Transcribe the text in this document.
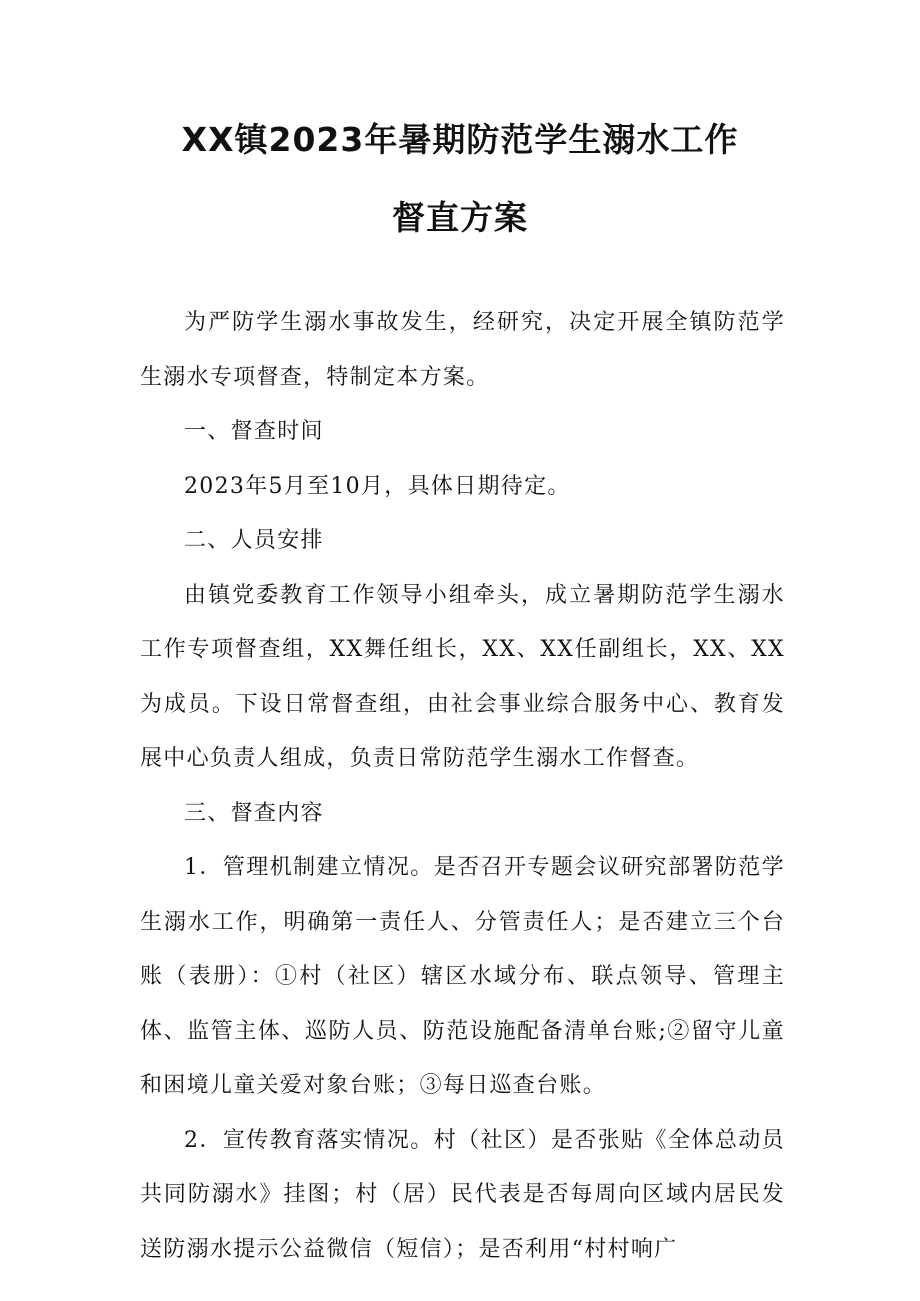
XX镇2023年暑期防范学生溺水工作
督直方案

为严防学生溺水事故发生，经研究，决定开展全镇防范学生溺水专项督查，特制定本方案。

一、督查时间

2023年5月至10月，具体日期待定。

二、人员安排

由镇党委教育工作领导小组牵头，成立暑期防范学生溺水工作专项督查组，XX舞任组长，XX、XX任副组长，XX、XX为成员。下设日常督查组，由社会事业综合服务中心、教育发展中心负责人组成，负责日常防范学生溺水工作督查。

三、督查内容

1．管理机制建立情况。是否召开专题会议研究部署防范学生溺水工作，明确第一责任人、分管责任人；是否建立三个台账（表册）：①村（社区）辖区水域分布、联点领导、管理主体、监管主体、巡防人员、防范设施配备清单台账;②留守儿童和困境儿童关爱对象台账；③每日巡查台账。

2．宣传教育落实情况。村（社区）是否张贴《全体总动员共同防溺水》挂图；村（居）民代表是否每周向区域内居民发送防溺水提示公益微信（短信）；是否利用“村村响广
